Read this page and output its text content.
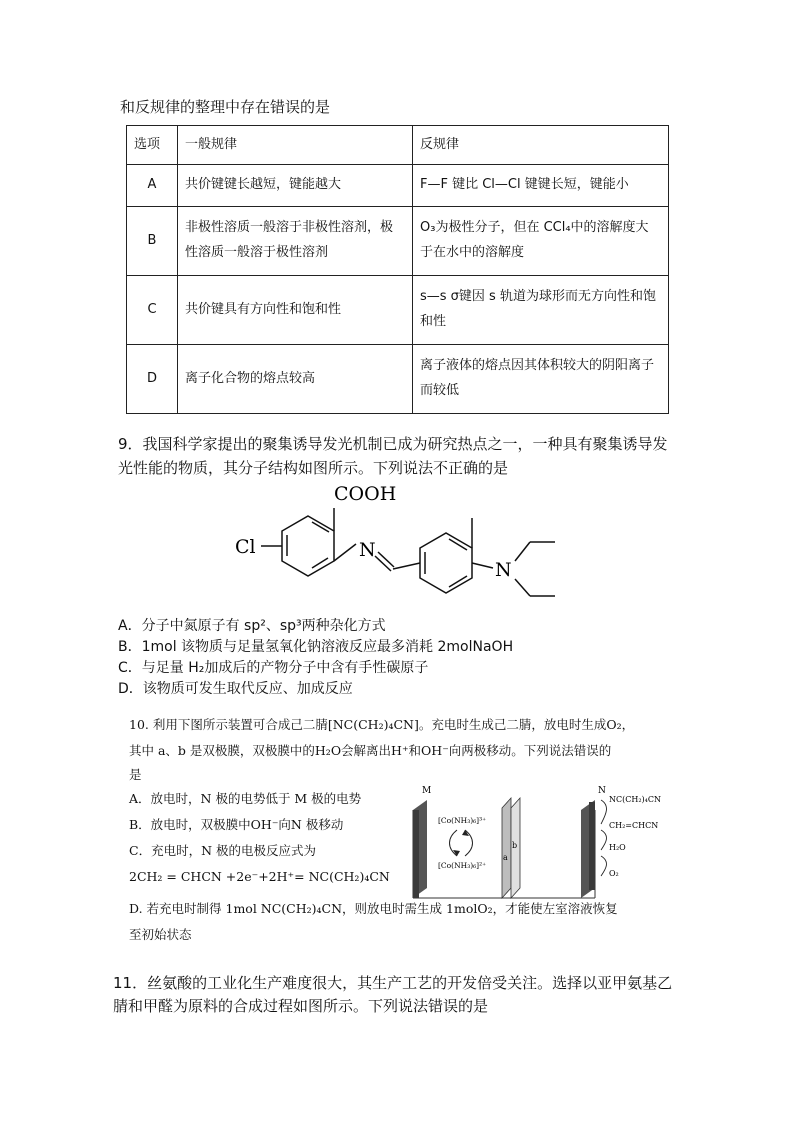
和反规律的整理中存在错误的是
选项	一般规律	反规律
A	共价键键长越短，键能越大	F—F 键比 Cl—Cl 键键长短，键能小
B	非极性溶质一般溶于非极性溶剂，极性溶质一般溶于极性溶剂	O₃为极性分子，但在 CCl₄中的溶解度大于在水中的溶解度
C	共价键具有方向性和饱和性	s—s σ键因 s 轨道为球形而无方向性和饱和性
D	离子化合物的熔点较高	离子液体的熔点因其体积较大的阴阳离子而较低
9．我国科学家提出的聚集诱导发光机制已成为研究热点之一，一种具有聚集诱导发光性能的物质，其分子结构如图所示。下列说法不正确的是
COOH
Cl	N
N
A．分子中氮原子有 sp²、sp³两种杂化方式
B．1mol 该物质与足量氢氧化钠溶液反应最多消耗 2molNaOH
C．与足量 H₂加成后的产物分子中含有手性碳原子
D．该物质可发生取代反应、加成反应
10. 利用下图所示装置可合成己二腈[NC(CH₂)₄CN]。充电时生成己二腈，放电时生成O₂，
其中 a、b 是双极膜，双极膜中的H₂O会解离出H⁺和OH⁻向两极移动。下列说法错误的
是
A．放电时，N 极的电势低于 M 极的电势
B．放电时，双极膜中OH⁻向N 极移动
C．充电时，N 极的电极反应式为
2CH₂ = CHCN +2e⁻+2H⁺= NC(CH₂)₄CN
D. 若充电时制得 1mol NC(CH₂)₄CN，则放电时需生成 1molO₂，才能使左室溶液恢复
至初始状态
M	N
b
a
[Co(NH₃)₆]³⁺
[Co(NH₃)₆]²⁺
NC(CH₂)₄CN
CH₂=CHCN
H₂O
O₂
11．丝氨酸的工业化生产难度很大，其生产工艺的开发倍受关注。选择以亚甲氨基乙腈和甲醛为原料的合成过程如图所示。下列说法错误的是
